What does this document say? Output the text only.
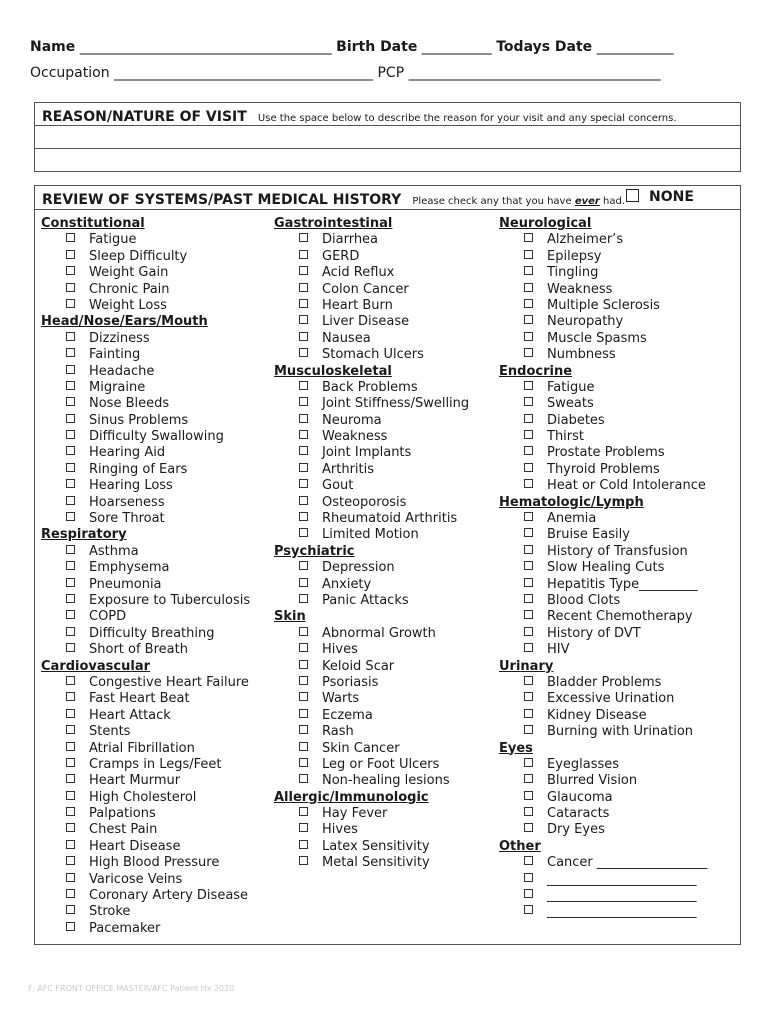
Name ____________________________________ Birth Date __________ Todays Date ___________
Occupation _____________________________________ PCP ____________________________________
REASON/NATURE OF VISIT Use the space below to describe the reason for your visit and any special concerns.
REVIEW OF SYSTEMS/PAST MEDICAL HISTORY Please check any that you have ever had.	NONE
Constitutional
Fatigue
Sleep Difficulty
Weight Gain
Chronic Pain
Weight Loss
Head/Nose/Ears/Mouth
Dizziness
Fainting
Headache
Migraine
Nose Bleeds
Sinus Problems
Difficulty Swallowing
Hearing Aid
Ringing of Ears
Hearing Loss
Hoarseness
Sore Throat
Respiratory
Asthma
Emphysema
Pneumonia
Exposure to Tuberculosis
COPD
Difficulty Breathing
Short of Breath
Cardiovascular
Congestive Heart Failure
Fast Heart Beat
Heart Attack
Stents
Atrial Fibrillation
Cramps in Legs/Feet
Heart Murmur
High Cholesterol
Palpations
Chest Pain
Heart Disease
High Blood Pressure
Varicose Veins
Coronary Artery Disease
Stroke
Pacemaker
Gastrointestinal
Diarrhea
GERD
Acid Reflux
Colon Cancer
Heart Burn
Liver Disease
Nausea
Stomach Ulcers
Musculoskeletal
Back Problems
Joint Stiffness/Swelling
Neuroma
Weakness
Joint Implants
Arthritis
Gout
Osteoporosis
Rheumatoid Arthritis
Limited Motion
Psychiatric
Depression
Anxiety
Panic Attacks
Skin
Abnormal Growth
Hives
Keloid Scar
Psoriasis
Warts
Eczema
Rash
Skin Cancer
Leg or Foot Ulcers
Non-healing lesions
Allergic/Immunologic
Hay Fever
Hives
Latex Sensitivity
Metal Sensitivity
Neurological
Alzheimer’s
Epilepsy
Tingling
Weakness
Multiple Sclerosis
Neuropathy
Muscle Spasms
Numbness
Endocrine
Fatigue
Sweats
Diabetes
Thirst
Prostate Problems
Thyroid Problems
Heat or Cold Intolerance
Hematologic/Lymph
Anemia
Bruise Easily
History of Transfusion
Slow Healing Cuts
Hepatitis Type_________
Blood Clots
Recent Chemotherapy
History of DVT
HIV
Urinary
Bladder Problems
Excessive Urination
Kidney Disease
Burning with Urination
Eyes
Eyeglasses
Blurred Vision
Glaucoma
Cataracts
Dry Eyes
Other
Cancer _________________
_______________________
_______________________
_______________________
F: AFC FRONT OFFICE MASTER/AFC Patient Hx 2020
